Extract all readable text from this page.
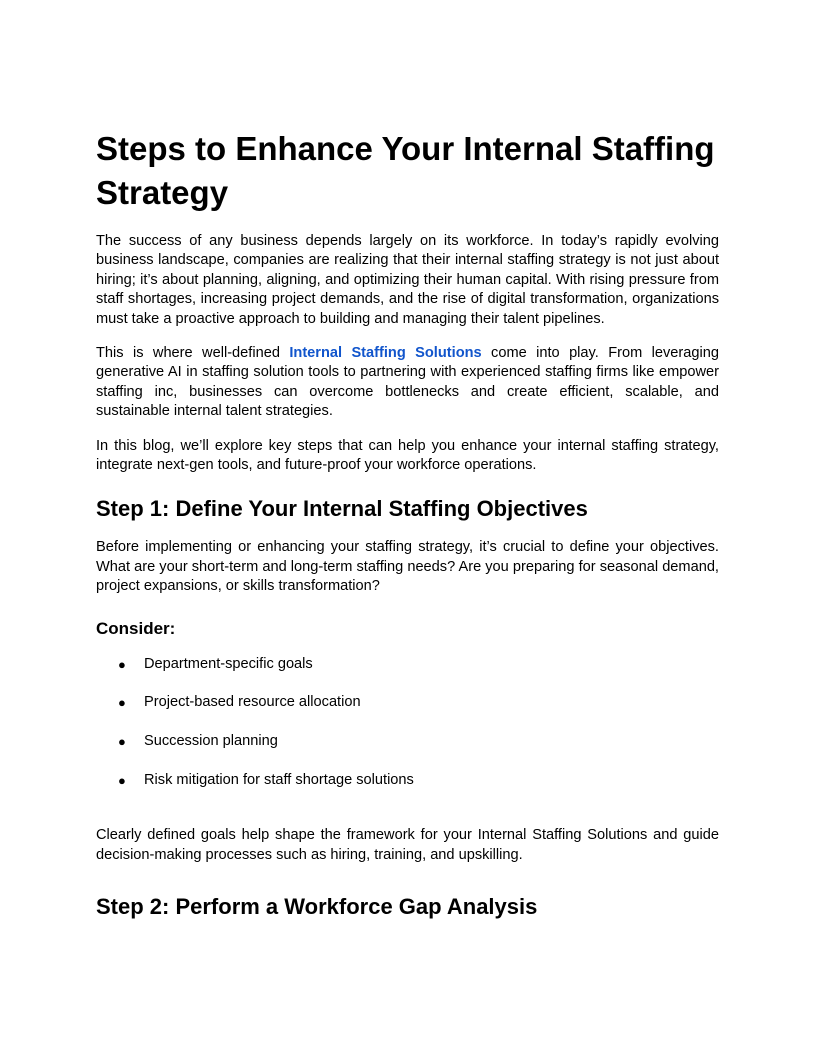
Steps to Enhance Your Internal Staffing Strategy

The success of any business depends largely on its workforce. In today’s rapidly evolving business landscape, companies are realizing that their internal staffing strategy is not just about hiring; it’s about planning, aligning, and optimizing their human capital. With rising pressure from staff shortages, increasing project demands, and the rise of digital transformation, organizations must take a proactive approach to building and managing their talent pipelines.

This is where well-defined Internal Staffing Solutions come into play. From leveraging generative AI in staffing solution tools to partnering with experienced staffing firms like empower staffing inc, businesses can overcome bottlenecks and create efficient, scalable, and sustainable internal talent strategies.

In this blog, we’ll explore key steps that can help you enhance your internal staffing strategy, integrate next-gen tools, and future-proof your workforce operations.

Step 1: Define Your Internal Staffing Objectives

Before implementing or enhancing your staffing strategy, it’s crucial to define your objectives. What are your short-term and long-term staffing needs? Are you preparing for seasonal demand, project expansions, or skills transformation?

Consider:
● Department-specific goals
● Project-based resource allocation
● Succession planning
● Risk mitigation for staff shortage solutions

Clearly defined goals help shape the framework for your Internal Staffing Solutions and guide decision-making processes such as hiring, training, and upskilling.

Step 2: Perform a Workforce Gap Analysis
